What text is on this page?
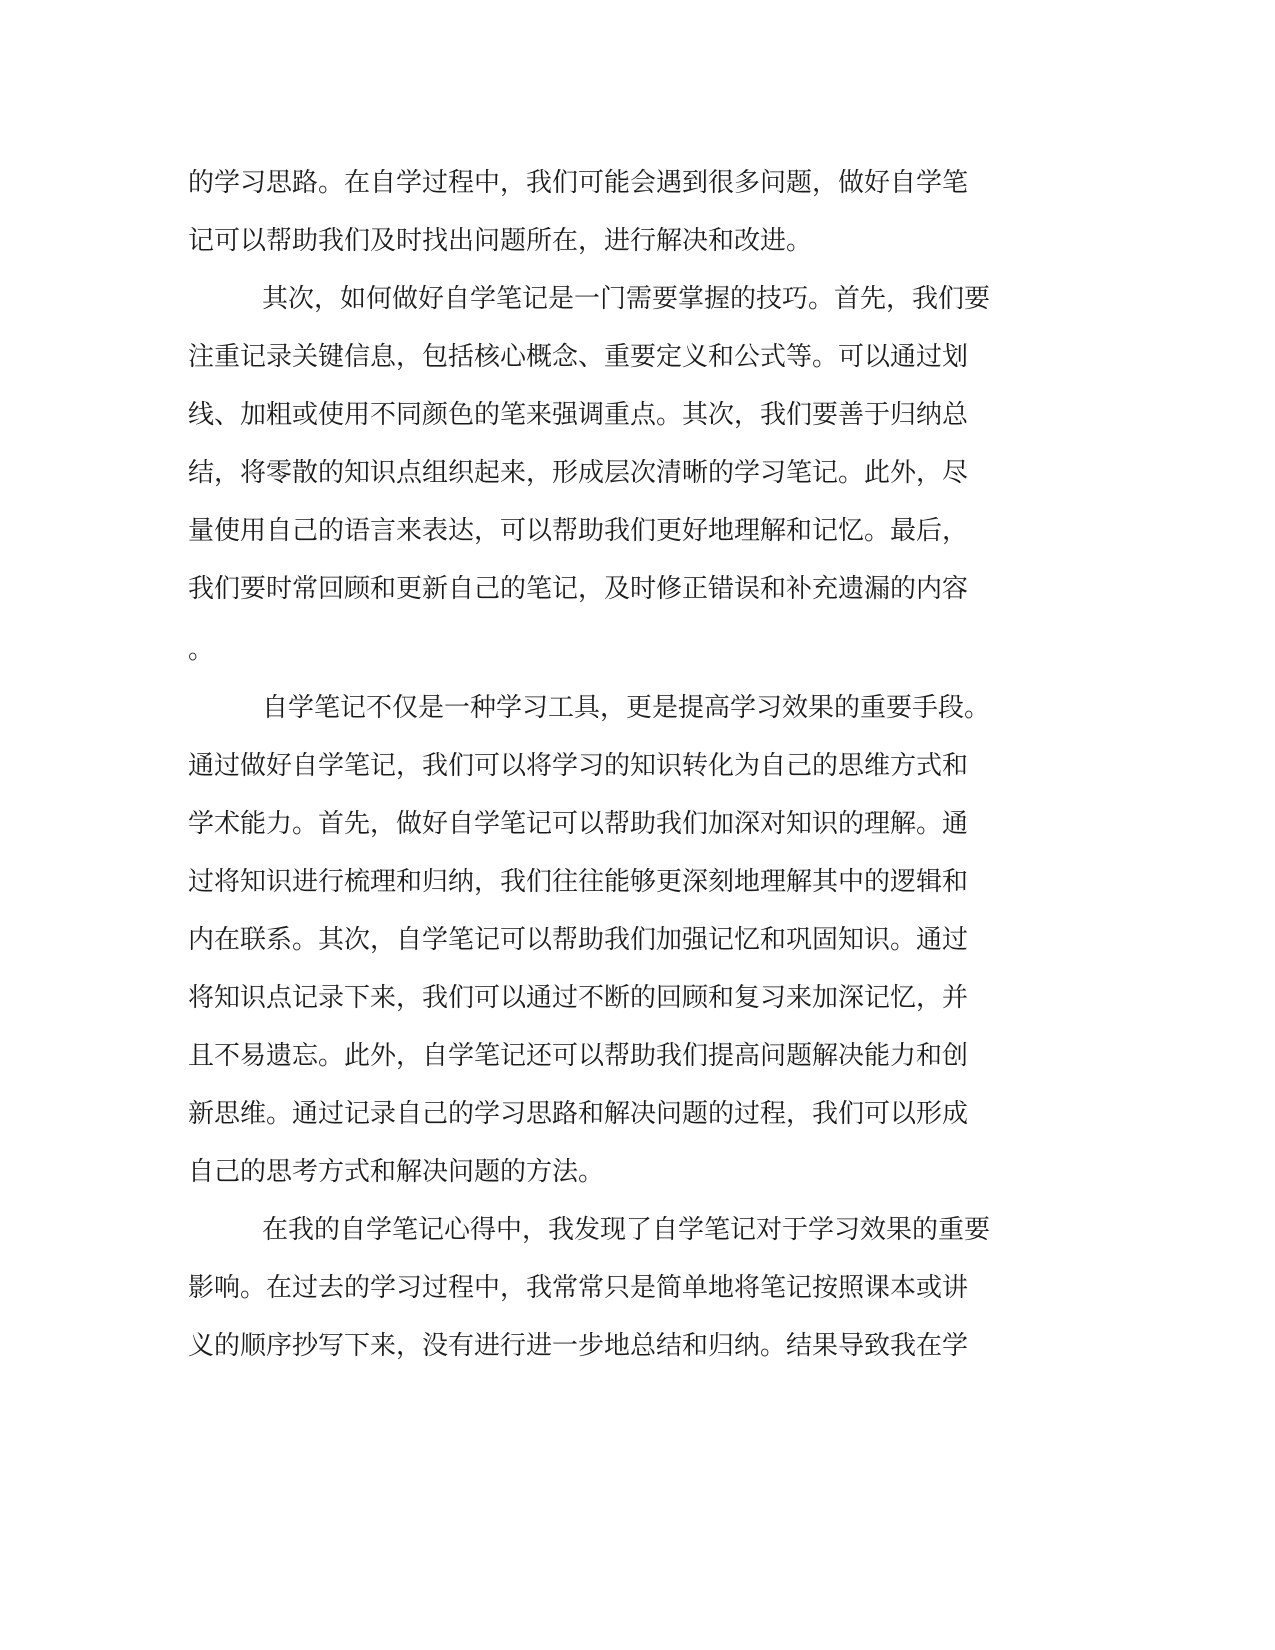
的学习思路。在自学过程中，我们可能会遇到很多问题，做好自学笔
记可以帮助我们及时找出问题所在，进行解决和改进。
其次，如何做好自学笔记是一门需要掌握的技巧。首先，我们要
注重记录关键信息，包括核心概念、重要定义和公式等。可以通过划
线、加粗或使用不同颜色的笔来强调重点。其次，我们要善于归纳总
结，将零散的知识点组织起来，形成层次清晰的学习笔记。此外，尽
量使用自己的语言来表达，可以帮助我们更好地理解和记忆。最后，
我们要时常回顾和更新自己的笔记，及时修正错误和补充遗漏的内容
。
自学笔记不仅是一种学习工具，更是提高学习效果的重要手段。
通过做好自学笔记，我们可以将学习的知识转化为自己的思维方式和
学术能力。首先，做好自学笔记可以帮助我们加深对知识的理解。通
过将知识进行梳理和归纳，我们往往能够更深刻地理解其中的逻辑和
内在联系。其次，自学笔记可以帮助我们加强记忆和巩固知识。通过
将知识点记录下来，我们可以通过不断的回顾和复习来加深记忆，并
且不易遗忘。此外，自学笔记还可以帮助我们提高问题解决能力和创
新思维。通过记录自己的学习思路和解决问题的过程，我们可以形成
自己的思考方式和解决问题的方法。
在我的自学笔记心得中，我发现了自学笔记对于学习效果的重要
影响。在过去的学习过程中，我常常只是简单地将笔记按照课本或讲
义的顺序抄写下来，没有进行进一步地总结和归纳。结果导致我在学
